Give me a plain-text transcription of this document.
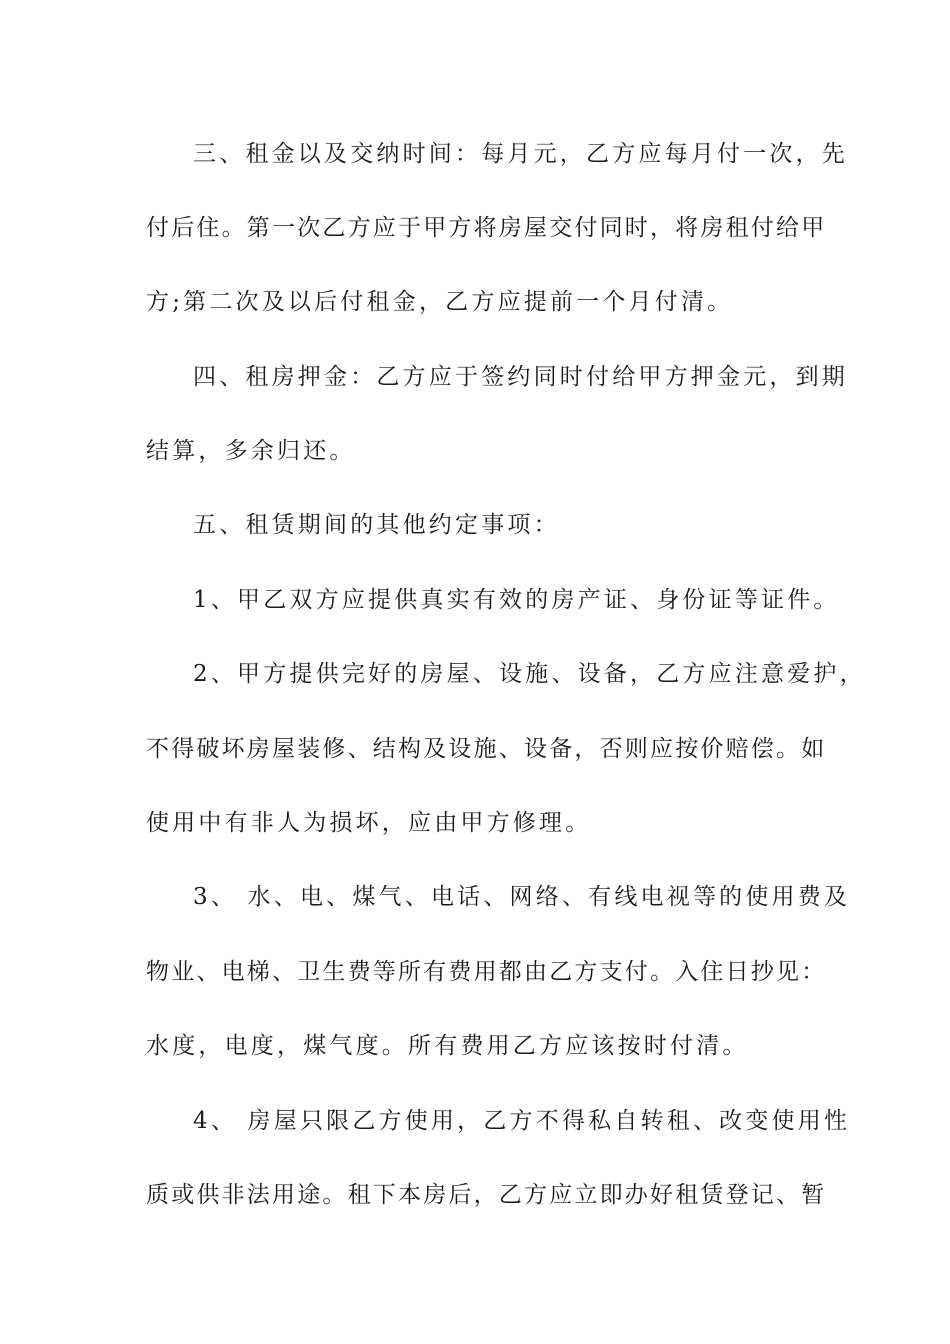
三、租金以及交纳时间：每月元，乙方应每月付一次，先
付后住。第一次乙方应于甲方将房屋交付同时，将房租付给甲
方;第二次及以后付租金，乙方应提前一个月付清。
四、租房押金：乙方应于签约同时付给甲方押金元，到期
结算，多余归还。
五、租赁期间的其他约定事项：
1、甲乙双方应提供真实有效的房产证、身份证等证件。
2、甲方提供完好的房屋、设施、设备，乙方应注意爱护，
不得破坏房屋装修、结构及设施、设备，否则应按价赔偿。如
使用中有非人为损坏，应由甲方修理。
3、 水、电、煤气、电话、网络、有线电视等的使用费及
物业、电梯、卫生费等所有费用都由乙方支付。入住日抄见：
水度，电度，煤气度。所有费用乙方应该按时付清。
4、 房屋只限乙方使用，乙方不得私自转租、改变使用性
质或供非法用途。租下本房后，乙方应立即办好租赁登记、暂
